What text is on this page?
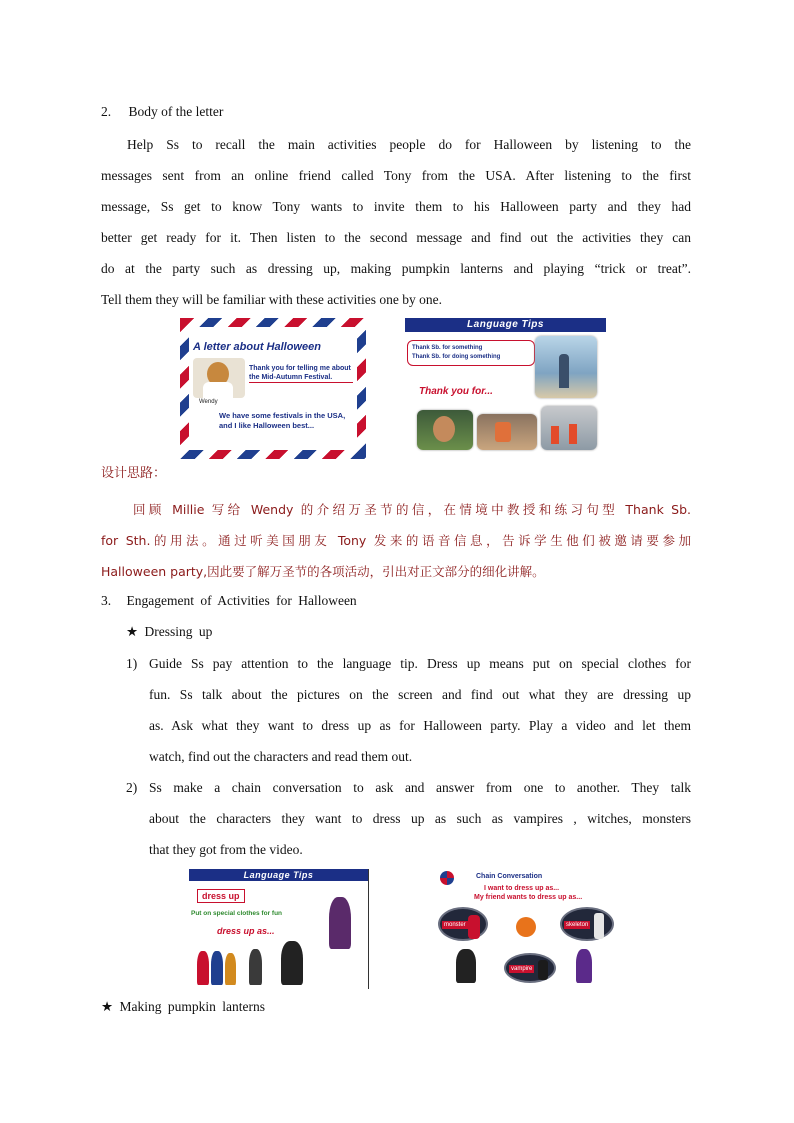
2. Body of the letter
Help Ss to recall the main activities people do for Halloween by listening to the
messages sent from an online friend called Tony from the USA. After listening to the first
message, Ss get to know Tony wants to invite them to his Halloween party and they had
better get ready for it. Then listen to the second message and find out the activities they can
do at the party such as dressing up, making pumpkin lanterns and playing “trick or treat”.
Tell them they will be familiar with these activities one by one.
A letter about Halloween
Wendy
Thank you for telling me about the Mid-Autumn Festival.
We have some festivals in the USA, and I like Halloween best...
Language Tips
Thank Sb. for something
Thank Sb. for doing something
Thank you for...
设计思路：
回顾 Millie 写给 Wendy 的介绍万圣节的信，在情境中教授和练习句型 Thank Sb.
for Sth.的用法。通过听美国朋友 Tony 发来的语音信息，告诉学生他们被邀请要参加
Halloween party,因此要了解万圣节的各项活动，引出对正文部分的细化讲解。
3. Engagement of Activities for Halloween
★ Dressing up
1) Guide Ss pay attention to the language tip. Dress up means put on special clothes for
fun. Ss talk about the pictures on the screen and find out what they are dressing up
as. Ask what they want to dress up as for Halloween party. Play a video and let them
watch, find out the characters and read them out.
2) Ss make a chain conversation to ask and answer from one to another. They talk
about the characters they want to dress up as such as vampires , witches, monsters
that they got from the video.
Language Tips
dress up
Put on special clothes for fun
dress up as...
Chain Conversation
I want to dress up as...
My friend wants to dress up as...
monster	skeleton
vampire
★ Making pumpkin lanterns
